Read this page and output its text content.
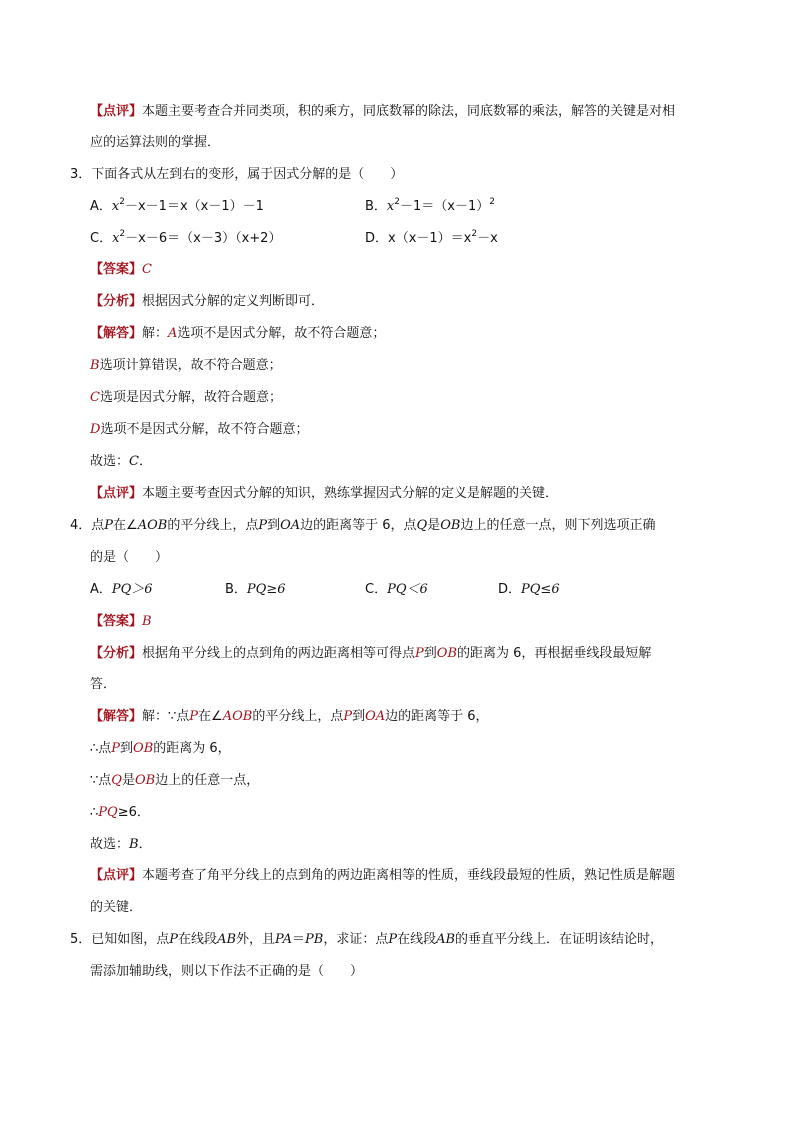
【点评】本题主要考查合并同类项，积的乘方，同底数幂的除法，同底数幂的乘法，解答的关键是对相
应的运算法则的掌握．
3．下面各式从左到右的变形，属于因式分解的是（　　）
A．$x^2-x-1=x(x-1)-1$	B．$x^2-1=(x-1)^2$
C．$x^2-x-6=(x-3)(x+2)$	D．$x(x-1)=x^2-x$
【答案】C
【分析】根据因式分解的定义判断即可．
【解答】解：A选项不是因式分解，故不符合题意；
B选项计算错误，故不符合题意；
C选项是因式分解，故符合题意；
D选项不是因式分解，故不符合题意；
故选：C．
【点评】本题主要考查因式分解的知识，熟练掌握因式分解的定义是解题的关键．
4．点P在∠AOB的平分线上，点P到OA边的距离等于 6，点Q是OB边上的任意一点，则下列选项正确
的是（　　）
A．PQ＞6	B．PQ≥6	C．PQ＜6	D．PQ≤6
【答案】B
【分析】根据角平分线上的点到角的两边距离相等可得点P到OB的距离为 6，再根据垂线段最短解
答．
【解答】解：∵点P在∠AOB的平分线上，点P到OA边的距离等于 6，
∴点P到OB的距离为 6，
∵点Q是OB边上的任意一点，
∴PQ≥6．
故选：B．
【点评】本题考查了角平分线上的点到角的两边距离相等的性质，垂线段最短的性质，熟记性质是解题
的关键．
5．已知如图，点P在线段AB外，且PA＝PB，求证：点P在线段AB的垂直平分线上．在证明该结论时，
需添加辅助线，则以下作法不正确的是（　　）
